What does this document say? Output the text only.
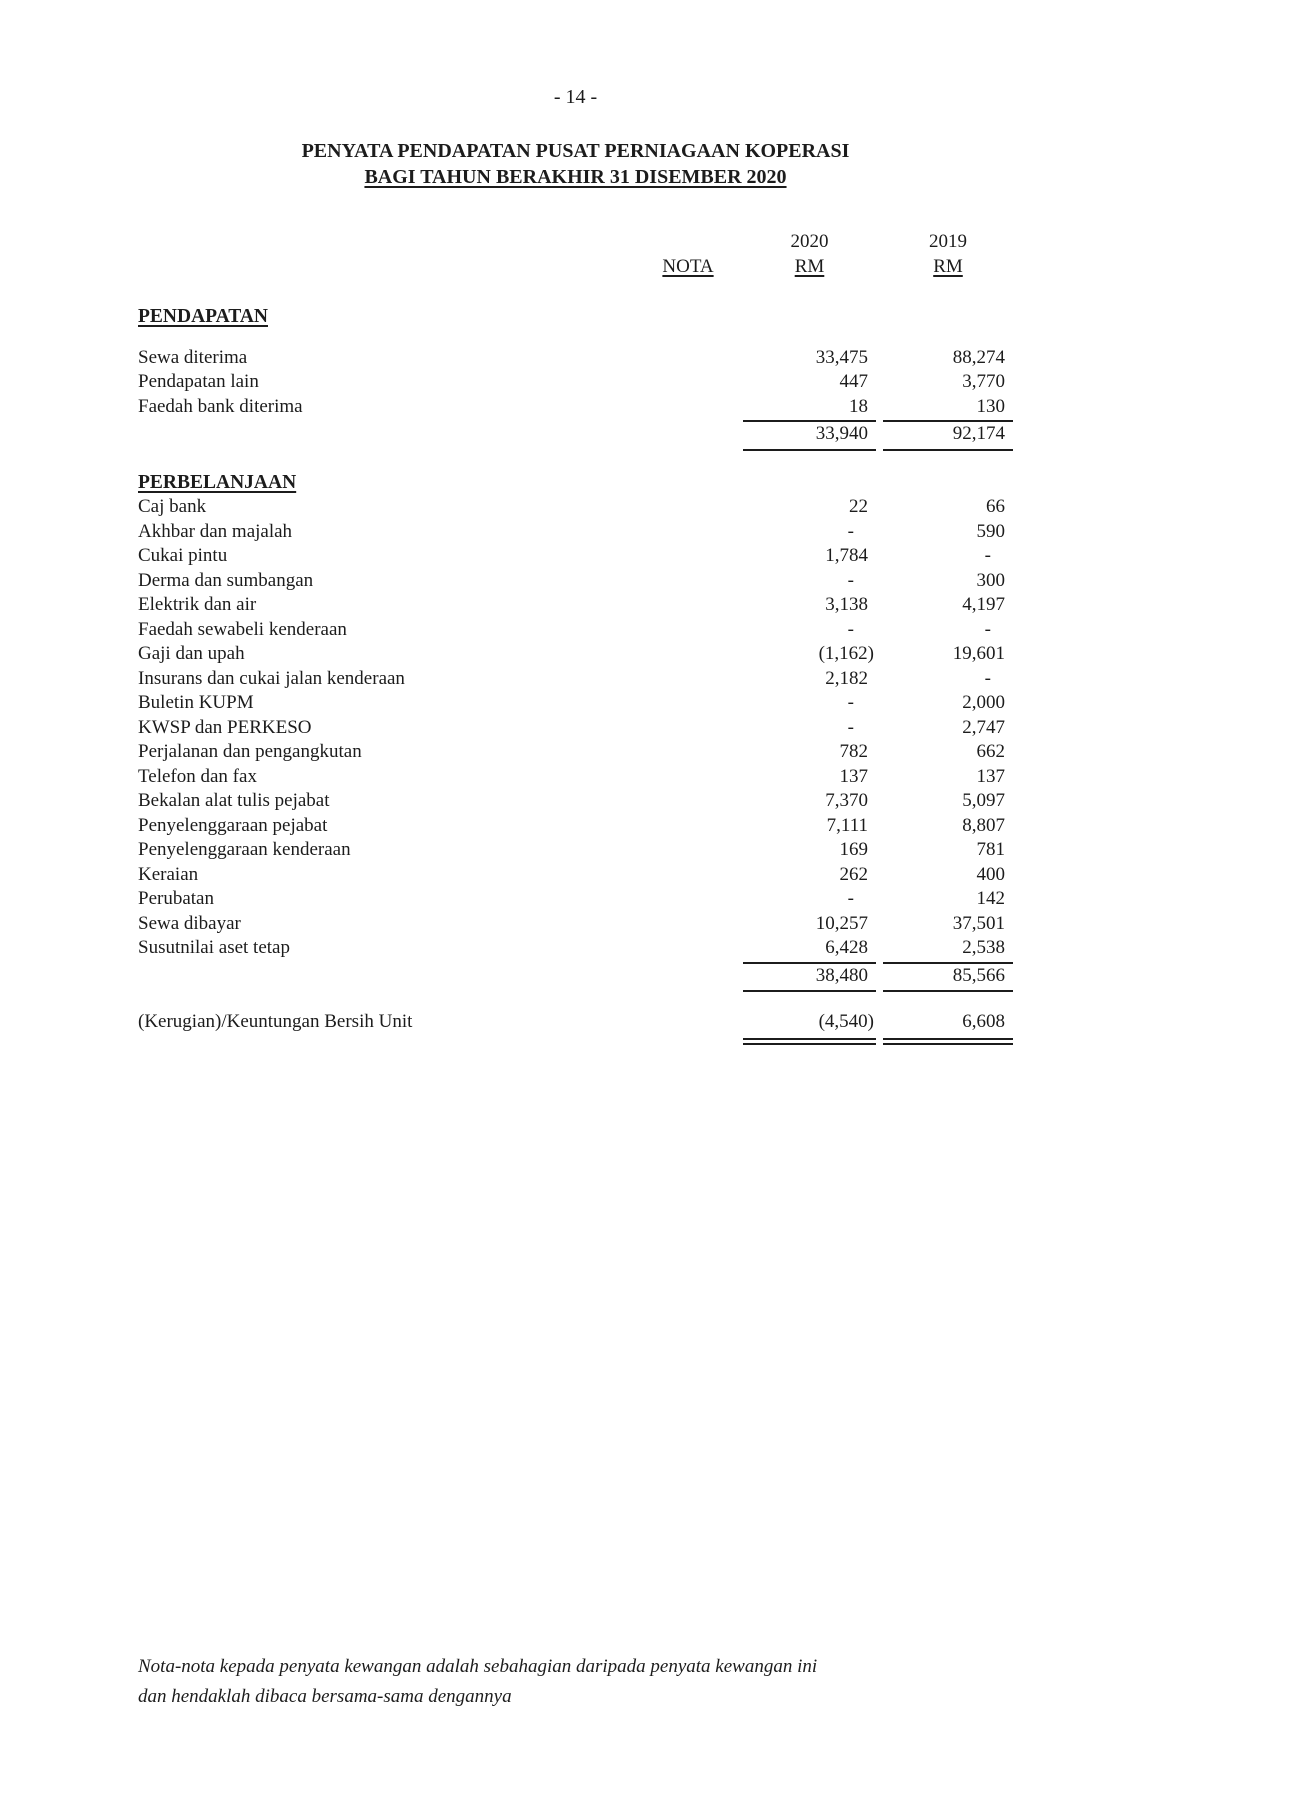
- 14 -
PENYATA PENDAPATAN PUSAT PERNIAGAAN KOPERASI
BAGI TAHUN BERAKHIR 31 DISEMBER 2020
2020	2019
NOTA	RM	RM
PENDAPATAN
Sewa diterima	33,475	88,274
Pendapatan lain	447	3,770
Faedah bank diterima	18	130
33,940	92,174
PERBELANJAAN
Caj bank	22	66
Akhbar dan majalah	-	590
Cukai pintu	1,784	-
Derma dan sumbangan	-	300
Elektrik dan air	3,138	4,197
Faedah sewabeli kenderaan	-	-
Gaji dan upah	(1,162)	19,601
Insurans dan cukai jalan kenderaan	2,182	-
Buletin KUPM	-	2,000
KWSP dan PERKESO	-	2,747
Perjalanan dan pengangkutan	782	662
Telefon dan fax	137	137
Bekalan alat tulis pejabat	7,370	5,097
Penyelenggaraan pejabat	7,111	8,807
Penyelenggaraan kenderaan	169	781
Keraian	262	400
Perubatan	-	142
Sewa dibayar	10,257	37,501
Susutnilai aset tetap	6,428	2,538
38,480	85,566
(Kerugian)/Keuntungan Bersih Unit	(4,540)	6,608
Nota-nota kepada penyata kewangan adalah sebahagian daripada penyata kewangan ini
dan hendaklah dibaca bersama-sama dengannya
